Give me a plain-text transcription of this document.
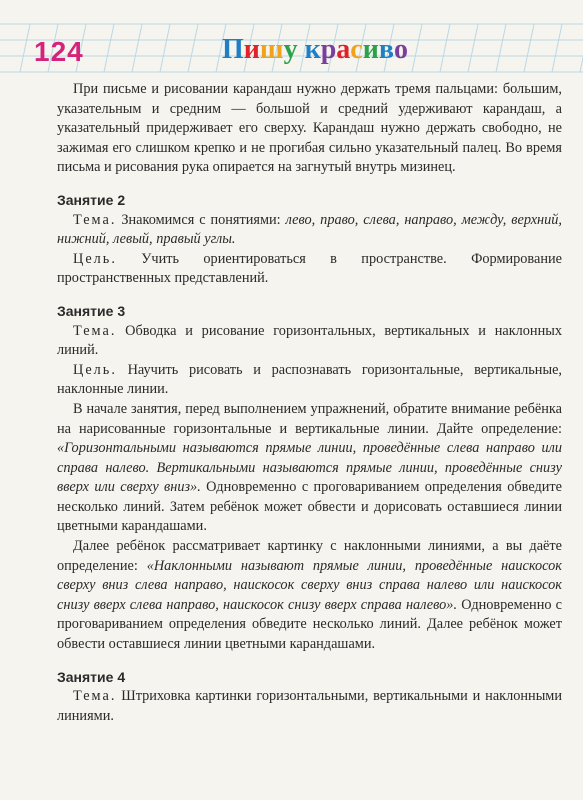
124	Пишу красиво

При письме и рисовании карандаш нужно держать тремя пальцами: большим, указательным и средним — большой и средний удерживают карандаш, а указательный придерживает его сверху. Карандаш нужно держать свободно, не зажимая его слишком крепко и не прогибая сильно указательный палец. Во время письма и рисования рука опирается на загнутый внутрь мизинец.

Занятие 2

Тема. Знакомимся с понятиями: лево, право, слева, направо, между, верхний, нижний, левый, правый углы.

Цель. Учить ориентироваться в пространстве. Формирование пространственных представлений.

Занятие 3

Тема. Обводка и рисование горизонтальных, вертикальных и наклонных линий.

Цель. Научить рисовать и распознавать горизонтальные, вертикальные, наклонные линии.

В начале занятия, перед выполнением упражнений, обратите внимание ребёнка на нарисованные горизонтальные и вертикальные линии. Дайте определение: «Горизонтальными называются прямые линии, проведённые слева направо или справа налево. Вертикальными называются прямые линии, проведённые снизу вверх или сверху вниз». Одновременно с проговариванием определения обведите несколько линий. Затем ребёнок может обвести и дорисовать оставшиеся линии цветными карандашами.

Далее ребёнок рассматривает картинку с наклонными линиями, а вы даёте определение: «Наклонными называют прямые линии, проведённые наискосок сверху вниз слева направо, наискосок сверху вниз справа налево или наискосок снизу вверх слева направо, наискосок снизу вверх справа налево». Одновременно с проговариванием определения обведите несколько линий. Далее ребёнок может обвести оставшиеся линии цветными карандашами.

Занятие 4

Тема. Штриховка картинки горизонтальными, вертикальными и наклонными линиями.
